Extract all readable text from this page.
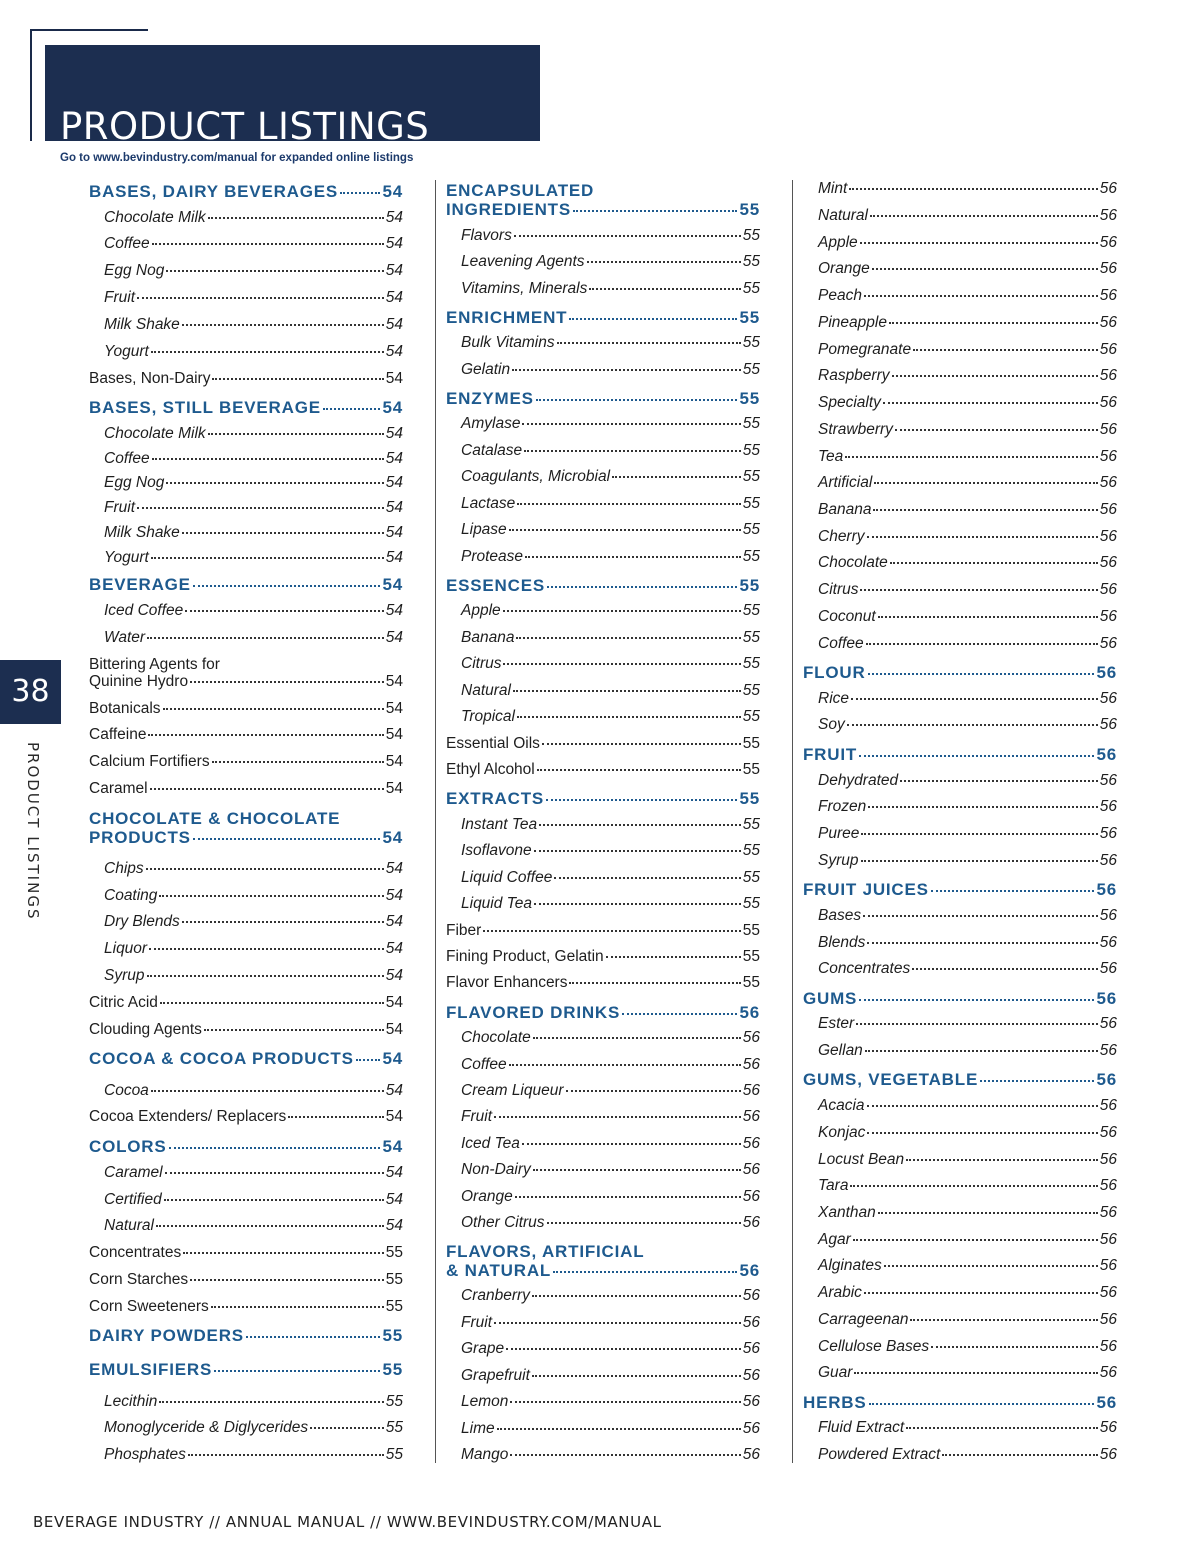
PRODUCT LISTINGS
Go to www.bevindustry.com/manual for expanded online listings
38
PRODUCT LISTINGS
BASES, DAIRY BEVERAGES	54
Chocolate Milk	54
Coffee	54
Egg Nog	54
Fruit	54
Milk Shake	54
Yogurt	54
Bases, Non-Dairy	54
BASES, STILL BEVERAGE	54
Chocolate Milk	54
Coffee	54
Egg Nog	54
Fruit	54
Milk Shake	54
Yogurt	54
BEVERAGE	54
Iced Coffee	54
Water	54
Bittering Agents for
Quinine Hydro	54
Botanicals	54
Caffeine	54
Calcium Fortifiers	54
Caramel	54
CHOCOLATE & CHOCOLATE
PRODUCTS	54
Chips	54
Coating	54
Dry Blends	54
Liquor	54
Syrup	54
Citric Acid	54
Clouding Agents	54
COCOA & COCOA PRODUCTS 54
Cocoa	54
Cocoa Extenders/ Replacers	54
COLORS	54
Caramel	54
Certified	54
Natural	54
Concentrates	55
Corn Starches	55
Corn Sweeteners	55
DAIRY POWDERS	55
EMULSIFIERS	55
Lecithin	55
Monoglyceride & Diglycerides	55
Phosphates	55
ENCAPSULATED
INGREDIENTS	55
Flavors	55
Leavening Agents	55
Vitamins, Minerals	55
ENRICHMENT	55
Bulk Vitamins	55
Gelatin	55
ENZYMES	55
Amylase	55
Catalase	55
Coagulants, Microbial	55
Lactase	55
Lipase	55
Protease	55
ESSENCES	55
Apple	55
Banana	55
Citrus	55
Natural	55
Tropical	55
Essential Oils	55
Ethyl Alcohol	55
EXTRACTS	55
Instant Tea	55
Isoflavone	55
Liquid Coffee	55
Liquid Tea	55
Fiber	55
Fining Product, Gelatin	55
Flavor Enhancers	55
FLAVORED DRINKS	56
Chocolate	56
Coffee	56
Cream Liqueur	56
Fruit	56
Iced Tea	56
Non-Dairy	56
Orange	56
Other Citrus	56
FLAVORS, ARTIFICIAL
& NATURAL	56
Cranberry	56
Fruit	56
Grape	56
Grapefruit	56
Lemon	56
Lime	56
Mango	56
Mint	56
Natural	56
Apple	56
Orange	56
Peach	56
Pineapple	56
Pomegranate	56
Raspberry	56
Specialty	56
Strawberry	56
Tea	56
Artificial	56
Banana	56
Cherry	56
Chocolate	56
Citrus	56
Coconut	56
Coffee	56
FLOUR	56
Rice	56
Soy	56
FRUIT	56
Dehydrated	56
Frozen	56
Puree	56
Syrup	56
FRUIT JUICES	56
Bases	56
Blends	56
Concentrates	56
GUMS	56
Ester	56
Gellan	56
GUMS, VEGETABLE	56
Acacia	56
Konjac	56
Locust Bean	56
Tara	56
Xanthan	56
Agar	56
Alginates	56
Arabic	56
Carrageenan	56
Cellulose Bases	56
Guar	56
HERBS	56
Fluid Extract	56
Powdered Extract	56
BEVERAGE INDUSTRY // ANNUAL MANUAL // WWW.BEVINDUSTRY.COM/MANUAL
